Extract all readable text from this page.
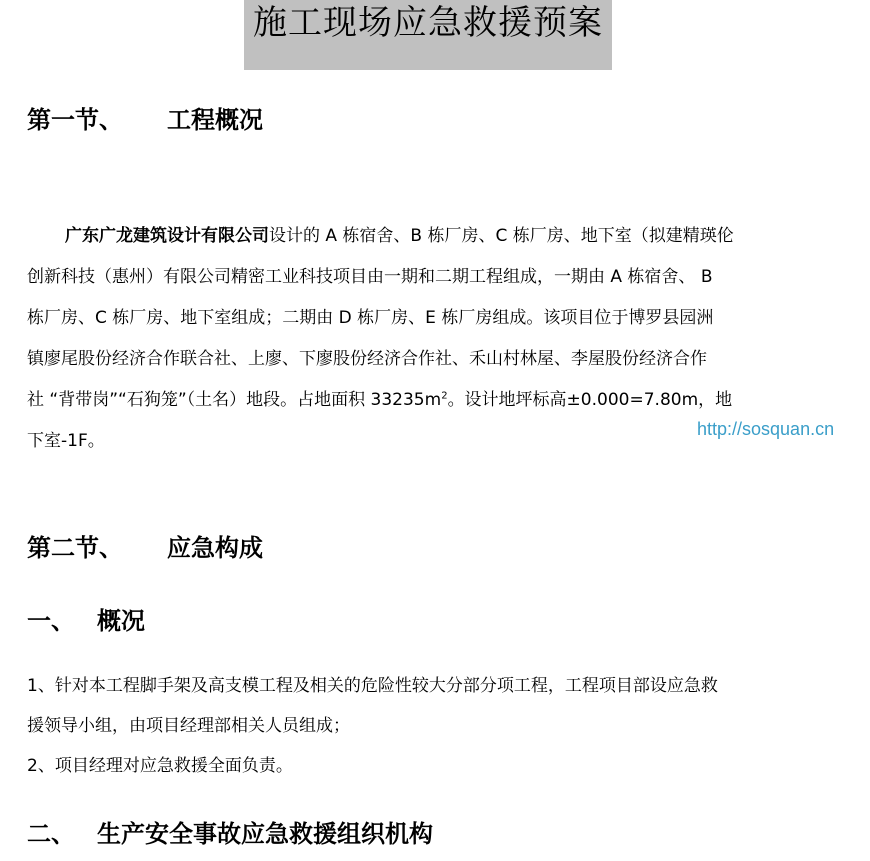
施工现场应急救援预案
第一节、 工程概况
广东广龙建筑设计有限公司设计的 A 栋宿舍、B 栋厂房、C 栋厂房、地下室（拟建精瑛伦
创新科技（惠州）有限公司精密工业科技项目由一期和二期工程组成，一期由 A 栋宿舍、 B
栋厂房、C 栋厂房、地下室组成；二期由 D 栋厂房、E 栋厂房组成。该项目位于博罗县园洲
镇廖尾股份经济合作联合社、上廖、下廖股份经济合作社、禾山村林屋、李屋股份经济合作
社 “背带岗”“石狗笼”（土名）地段。占地面积 $33235m^2$。设计地坪标高±0.000=7.80m，地
下室-1F。
http://sosquan.cn
第二节、 应急构成
一、 概况
1、针对本工程脚手架及高支模工程及相关的危险性较大分部分项工程，工程项目部设应急救
援领导小组，由项目经理部相关人员组成；
2、项目经理对应急救援全面负责。
二、 生产安全事故应急救援组织机构
